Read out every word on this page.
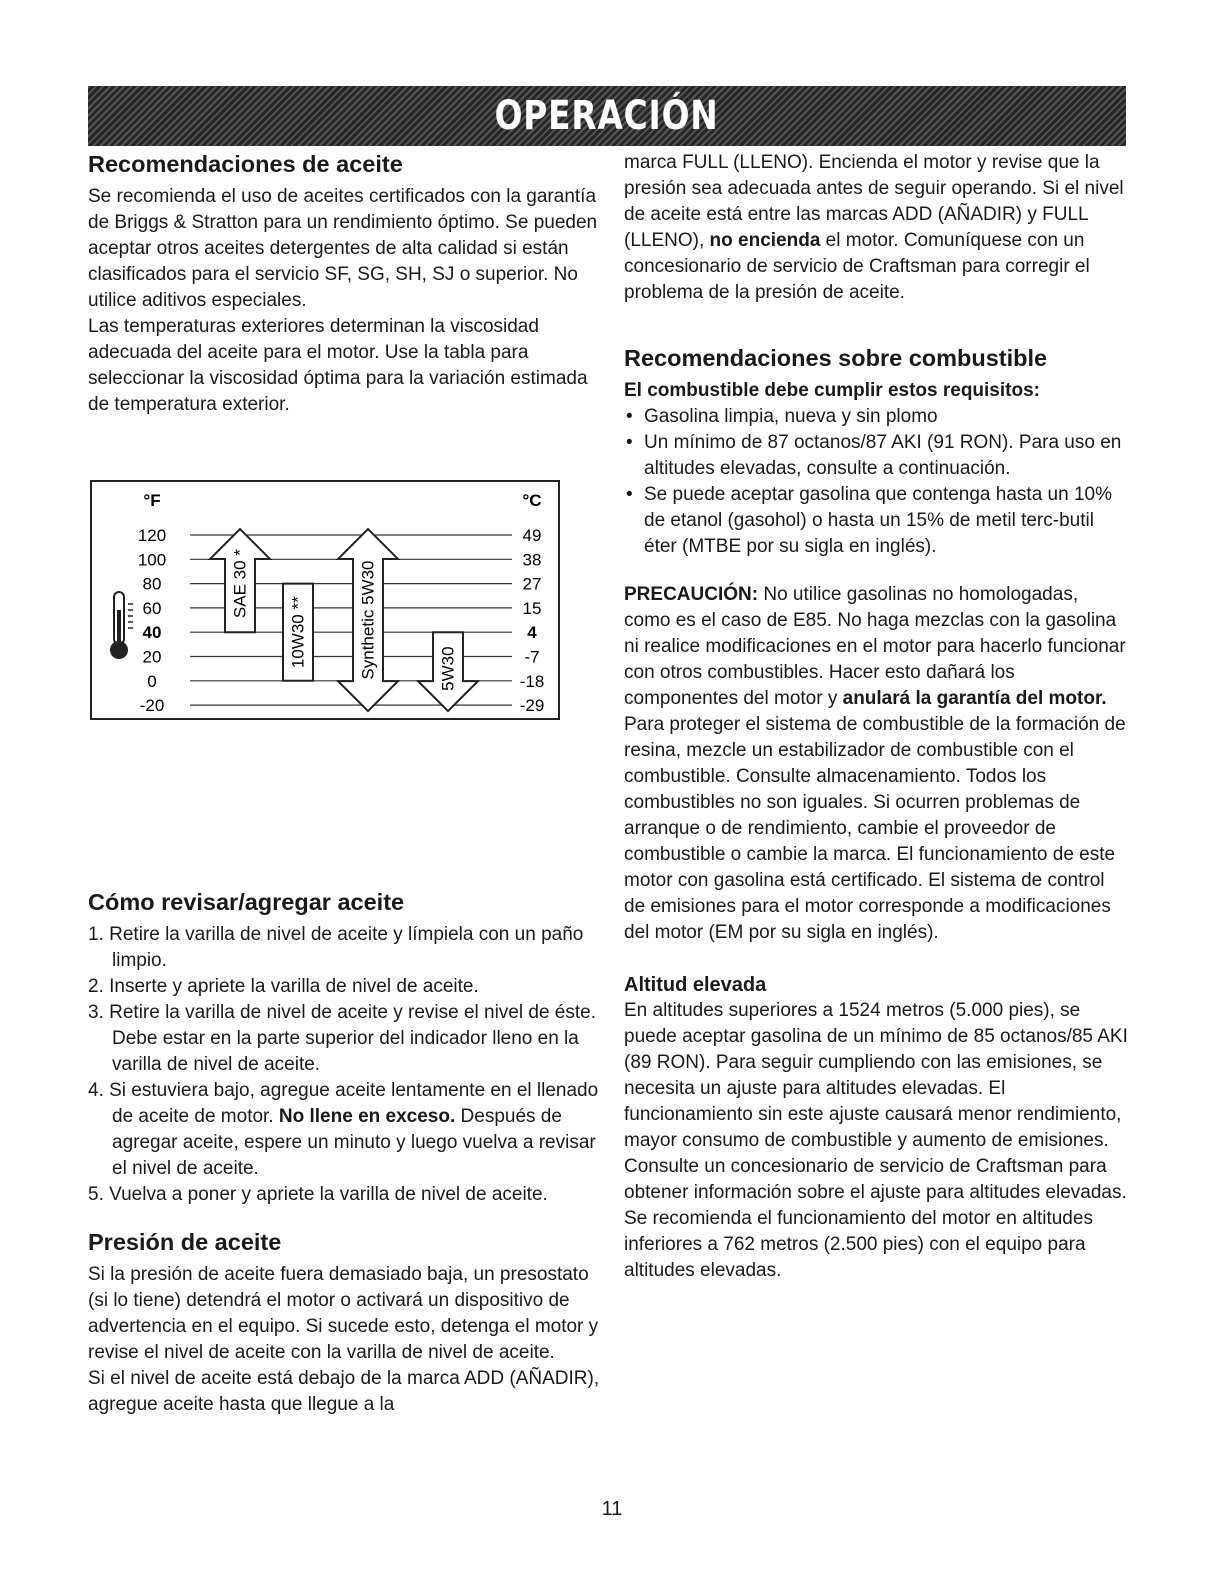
OPERACIÓN
Recomendaciones de aceite

Se recomienda el uso de aceites certificados con la garantía de Briggs & Stratton para un rendimiento óptimo. Se pueden aceptar otros aceites detergentes de alta calidad si están clasificados para el servicio SF, SG, SH, SJ o superior. No utilice aditivos especiales.

Las temperaturas exteriores determinan la viscosidad adecuada del aceite para el motor. Use la tabla para seleccionar la viscosidad óptima para la variación estimada de temperatura exterior.

°F	°C
120	49
100	38
80	27
60	15
40	4
20	-7
0	-18
-20	-29
SAE 30 *
10W30 **	Synthetic 5W30	5W30
Cómo revisar/agregar aceite
1. Retire la varilla de nivel de aceite y límpiela con un paño limpio.
2. Inserte y apriete la varilla de nivel de aceite.
3. Retire la varilla de nivel de aceite y revise el nivel de éste. Debe estar en la parte superior del indicador lleno en la varilla de nivel de aceite.
4. Si estuviera bajo, agregue aceite lentamente en el llenado de aceite de motor. No llene en exceso. Después de agregar aceite, espere un minuto y luego vuelva a revisar el nivel de aceite.
5. Vuelva a poner y apriete la varilla de nivel de aceite.
Presión de aceite

Si la presión de aceite fuera demasiado baja, un presostato (si lo tiene) detendrá el motor o activará un dispositivo de advertencia en el equipo. Si sucede esto, detenga el motor y revise el nivel de aceite con la varilla de nivel de aceite.

Si el nivel de aceite está debajo de la marca ADD (AÑADIR), agregue aceite hasta que llegue a la

marca FULL (LLENO). Encienda el motor y revise que la presión sea adecuada antes de seguir operando. Si el nivel de aceite está entre las marcas ADD (AÑADIR) y FULL (LLENO), no encienda el motor. Comuníquese con un concesionario de servicio de Craftsman para corregir el problema de la presión de aceite.

Recomendaciones sobre combustible

El combustible debe cumplir estos requisitos:

• Gasolina limpia, nueva y sin plomo
• Un mínimo de 87 octanos/87 AKI (91 RON). Para uso en altitudes elevadas, consulte a continuación.
• Se puede aceptar gasolina que contenga hasta un 10% de etanol (gasohol) o hasta un 15% de metil terc-butil éter (MTBE por su sigla en inglés).

PRECAUCIÓN: No utilice gasolinas no homologadas, como es el caso de E85. No haga mezclas con la gasolina ni realice modificaciones en el motor para hacerlo funcionar con otros combustibles. Hacer esto dañará los componentes del motor y anulará la garantía del motor.

Para proteger el sistema de combustible de la formación de resina, mezcle un estabilizador de combustible con el combustible. Consulte almacenamiento. Todos los combustibles no son iguales. Si ocurren problemas de arranque o de rendimiento, cambie el proveedor de combustible o cambie la marca. El funcionamiento de este motor con gasolina está certificado. El sistema de control de emisiones para el motor corresponde a modificaciones del motor (EM por su sigla en inglés).

Altitud elevada

En altitudes superiores a 1524 metros (5.000 pies), se puede aceptar gasolina de un mínimo de 85 octanos/85 AKI (89 RON). Para seguir cumpliendo con las emisiones, se necesita un ajuste para altitudes elevadas. El funcionamiento sin este ajuste causará menor rendimiento, mayor consumo de combustible y aumento de emisiones. Consulte un concesionario de servicio de Craftsman para obtener información sobre el ajuste para altitudes elevadas.

Se recomienda el funcionamiento del motor en altitudes inferiores a 762 metros (2.500 pies) con el equipo para altitudes elevadas.

11
